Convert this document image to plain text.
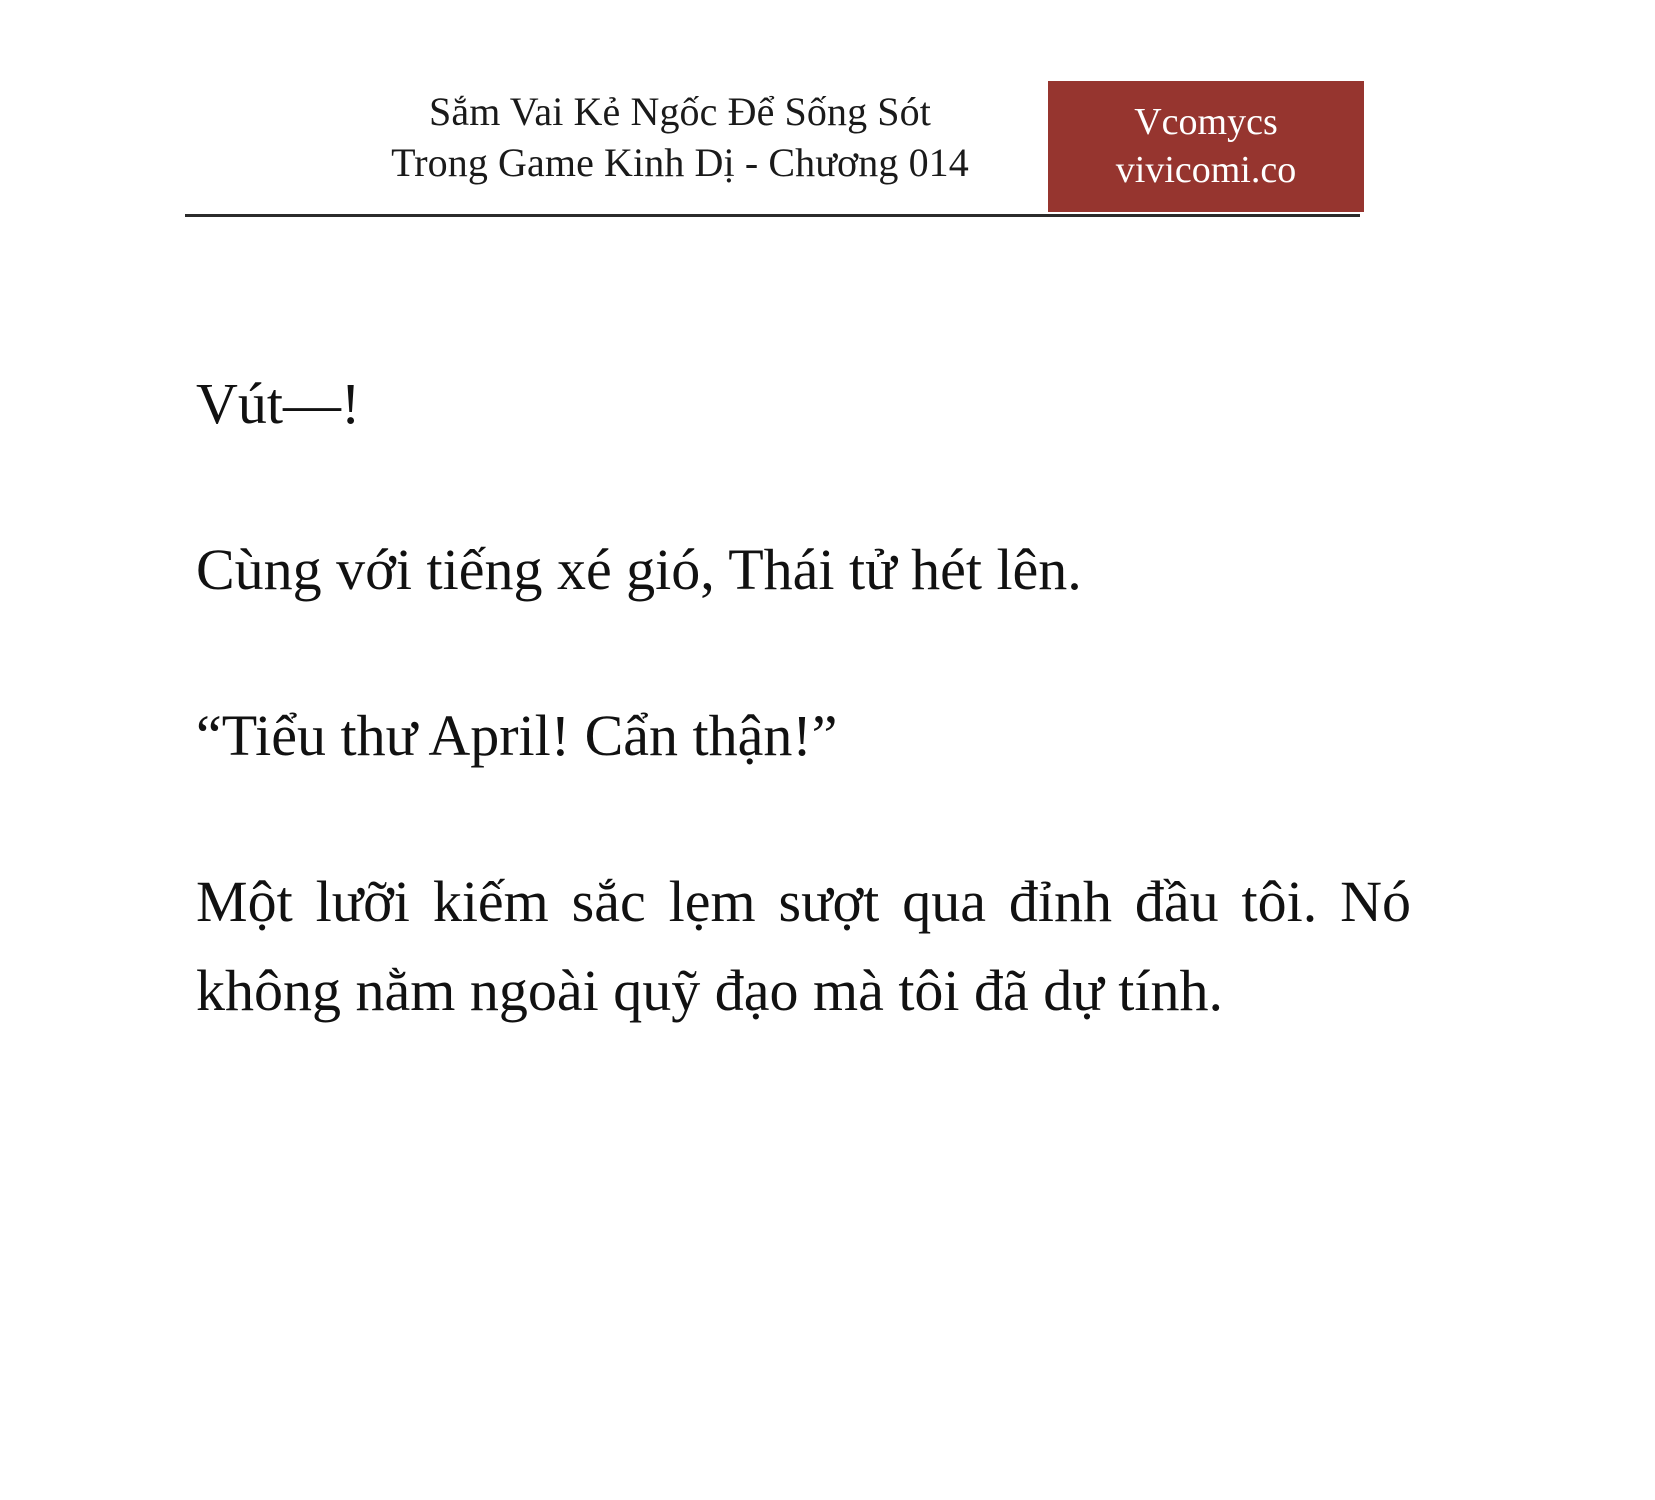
Sắm Vai Kẻ Ngốc Để Sống Sót
Trong Game Kinh Dị - Chương 014
Vcomycs
vivicomi.co

Vút—!

Cùng với tiếng xé gió, Thái tử hét lên.

“Tiểu thư April! Cẩn thận!”

Một lưỡi kiếm sắc lẹm sượt qua đỉnh đầu tôi. Nó không nằm ngoài quỹ đạo mà tôi đã dự tính.
